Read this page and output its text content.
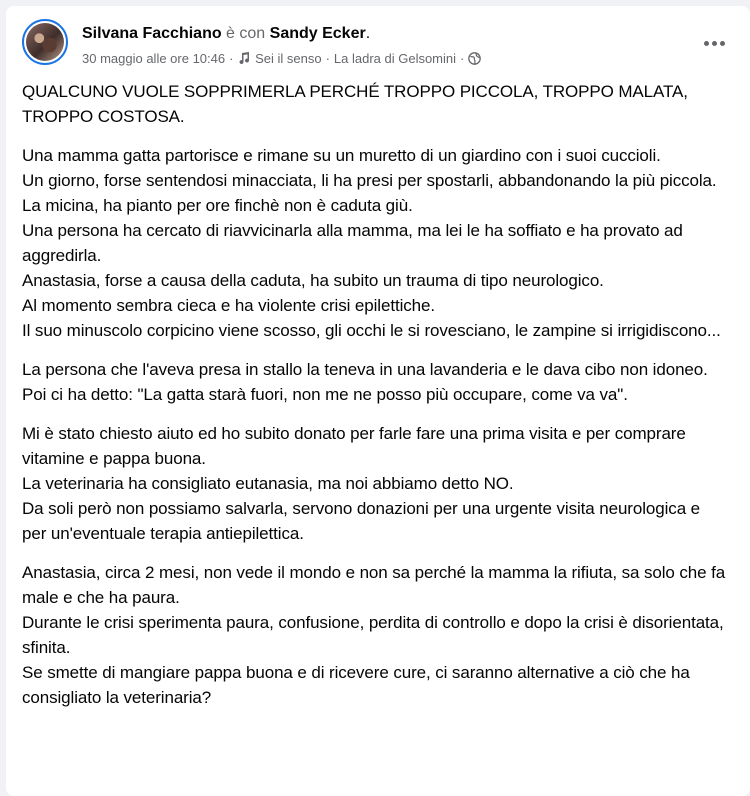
Silvana Facchiano è con Sandy Ecker.
30 maggio alle ore 10:46 · Sei il senso · La ladra di Gelsomini ·

QUALCUNO VUOLE SOPPRIMERLA PERCHÉ TROPPO PICCOLA, TROPPO MALATA, TROPPO COSTOSA.

Una mamma gatta partorisce e rimane su un muretto di un giardino con i suoi cuccioli.
Un giorno, forse sentendosi minacciata, li ha presi per spostarli, abbandonando la più piccola.
La micina, ha pianto per ore finchè non è caduta giù.
Una persona ha cercato di riavvicinarla alla mamma, ma lei le ha soffiato e ha provato ad aggredirla.
Anastasia, forse a causa della caduta, ha subito un trauma di tipo neurologico.
Al momento sembra cieca e ha violente crisi epilettiche.
Il suo minuscolo corpicino viene scosso, gli occhi le si rovesciano, le zampine si irrigidiscono...

La persona che l'aveva presa in stallo la teneva in una lavanderia e le dava cibo non idoneo.
Poi ci ha detto: "La gatta starà fuori, non me ne posso più occupare, come va va".

Mi è stato chiesto aiuto ed ho subito donato per farle fare una prima visita e per comprare vitamine e pappa buona.
La veterinaria ha consigliato eutanasia, ma noi abbiamo detto NO.
Da soli però non possiamo salvarla, servono donazioni per una urgente visita neurologica e per un'eventuale terapia antiepilettica.

Anastasia, circa 2 mesi, non vede il mondo e non sa perché la mamma la rifiuta, sa solo che fa male e che ha paura.
Durante le crisi sperimenta paura, confusione, perdita di controllo e dopo la crisi è disorientata, sfinita.
Se smette di mangiare pappa buona e di ricevere cure, ci saranno alternative a ciò che ha consigliato la veterinaria?
